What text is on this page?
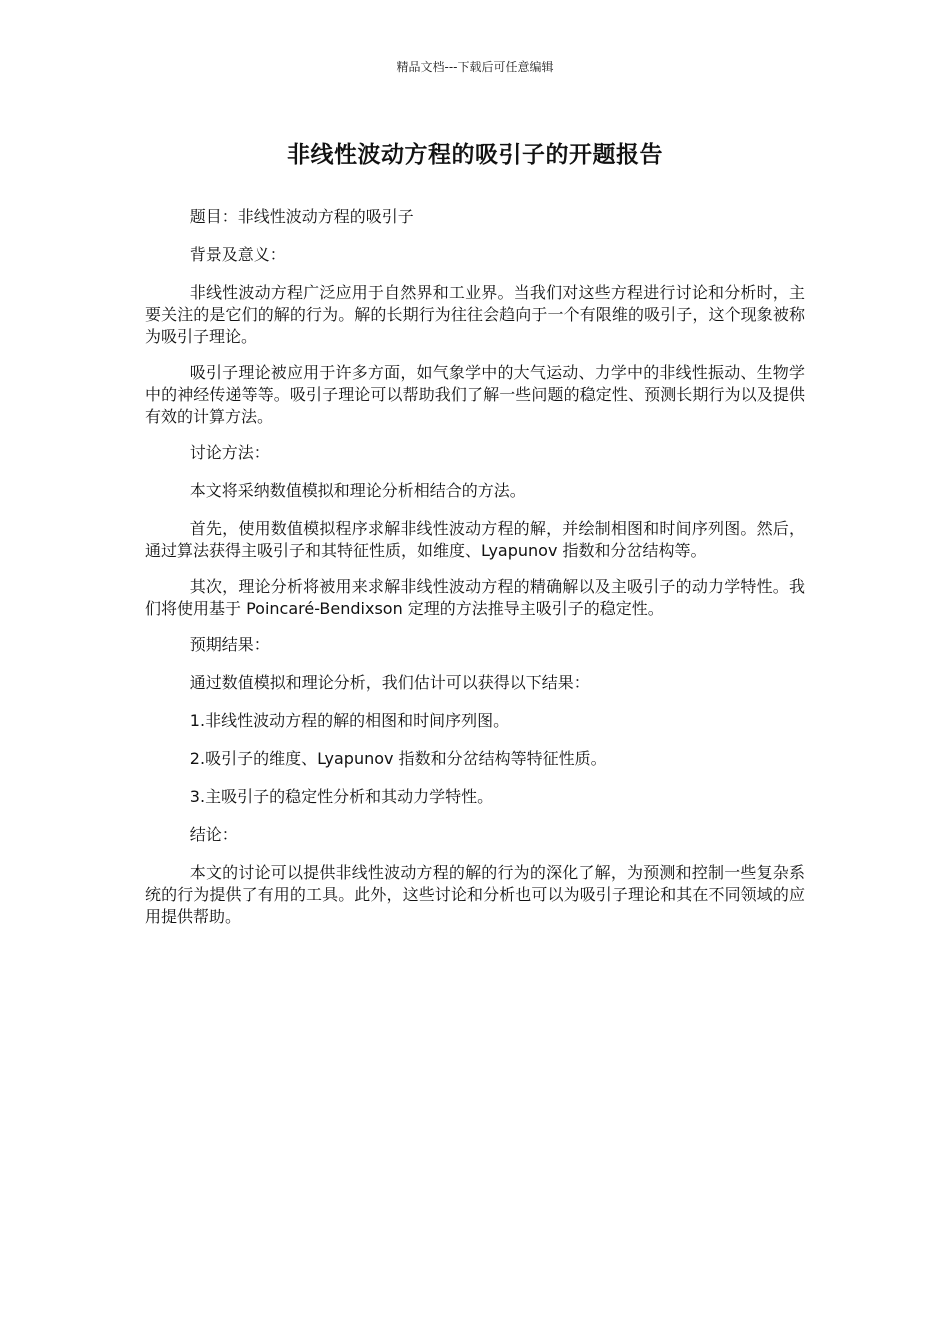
精品文档---下载后可任意编辑
非线性波动方程的吸引子的开题报告

题目：非线性波动方程的吸引子

背景及意义：

非线性波动方程广泛应用于自然界和工业界。当我们对这些方程进行讨论和分析时，主要关注的是它们的解的行为。解的长期行为往往会趋向于一个有限维的吸引子，这个现象被称为吸引子理论。

吸引子理论被应用于许多方面，如气象学中的大气运动、力学中的非线性振动、生物学中的神经传递等等。吸引子理论可以帮助我们了解一些问题的稳定性、预测长期行为以及提供有效的计算方法。

讨论方法：

本文将采纳数值模拟和理论分析相结合的方法。

首先，使用数值模拟程序求解非线性波动方程的解，并绘制相图和时间序列图。然后，通过算法获得主吸引子和其特征性质，如维度、Lyapunov 指数和分岔结构等。

其次，理论分析将被用来求解非线性波动方程的精确解以及主吸引子的动力学特性。我们将使用基于 Poincaré-Bendixson 定理的方法推导主吸引子的稳定性。

预期结果：

通过数值模拟和理论分析，我们估计可以获得以下结果：

1.非线性波动方程的解的相图和时间序列图。

2.吸引子的维度、Lyapunov 指数和分岔结构等特征性质。

3.主吸引子的稳定性分析和其动力学特性。

结论：

本文的讨论可以提供非线性波动方程的解的行为的深化了解，为预测和控制一些复杂系统的行为提供了有用的工具。此外，这些讨论和分析也可以为吸引子理论和其在不同领域的应用提供帮助。
